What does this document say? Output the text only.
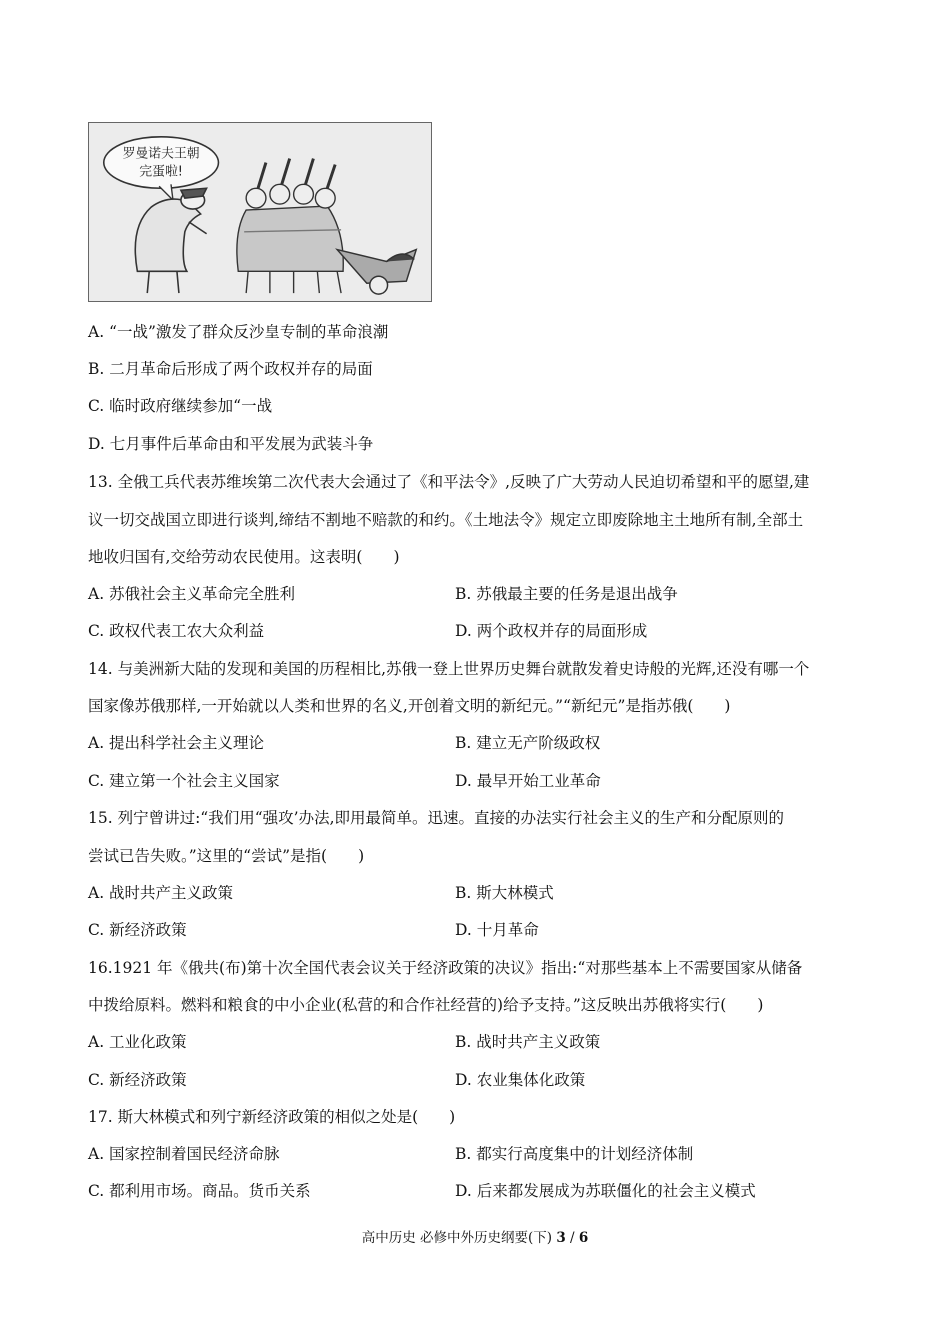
罗曼诺夫王朝
完蛋啦!
A. “一战”激发了群众反沙皇专制的革命浪潮
B. 二月革命后形成了两个政权并存的局面
C. 临时政府继续参加“一战
D. 七月事件后革命由和平发展为武装斗争
13. 全俄工兵代表苏维埃第二次代表大会通过了《和平法令》,反映了广大劳动人民迫切希望和平的愿望,建
议一切交战国立即进行谈判,缔结不割地不赔款的和约。《土地法令》规定立即废除地主土地所有制,全部土
地收归国有,交给劳动农民使用。这表明(　　)
A. 苏俄社会主义革命完全胜利	B. 苏俄最主要的任务是退出战争
C. 政权代表工农大众利益	D. 两个政权并存的局面形成
14. 与美洲新大陆的发现和美国的历程相比,苏俄一登上世界历史舞台就散发着史诗般的光辉,还没有哪一个
国家像苏俄那样,一开始就以人类和世界的名义,开创着文明的新纪元。”“新纪元”是指苏俄(　　)
A. 提出科学社会主义理论	B. 建立无产阶级政权
C. 建立第一个社会主义国家	D. 最早开始工业革命
15. 列宁曾讲过:“我们用“强攻’办法,即用最简单。迅速。直接的办法实行社会主义的生产和分配原则的
尝试已告失败。”这里的“尝试”是指(　　)
A. 战时共产主义政策	B. 斯大林模式
C. 新经济政策	D. 十月革命
16.1921 年《俄共(布)第十次全国代表会议关于经济政策的决议》指出:“对那些基本上不需要国家从储备
中拨给原料。燃料和粮食的中小企业(私营的和合作社经营的)给予支持。”这反映出苏俄将实行(　　)
A. 工业化政策	B. 战时共产主义政策
C. 新经济政策	D. 农业集体化政策
17. 斯大林模式和列宁新经济政策的相似之处是(　　)
A. 国家控制着国民经济命脉	B. 都实行高度集中的计划经济体制
C. 都利用市场。商品。货币关系	D. 后来都发展成为苏联僵化的社会主义模式
高中历史 必修中外历史纲要(下) 3 / 6
